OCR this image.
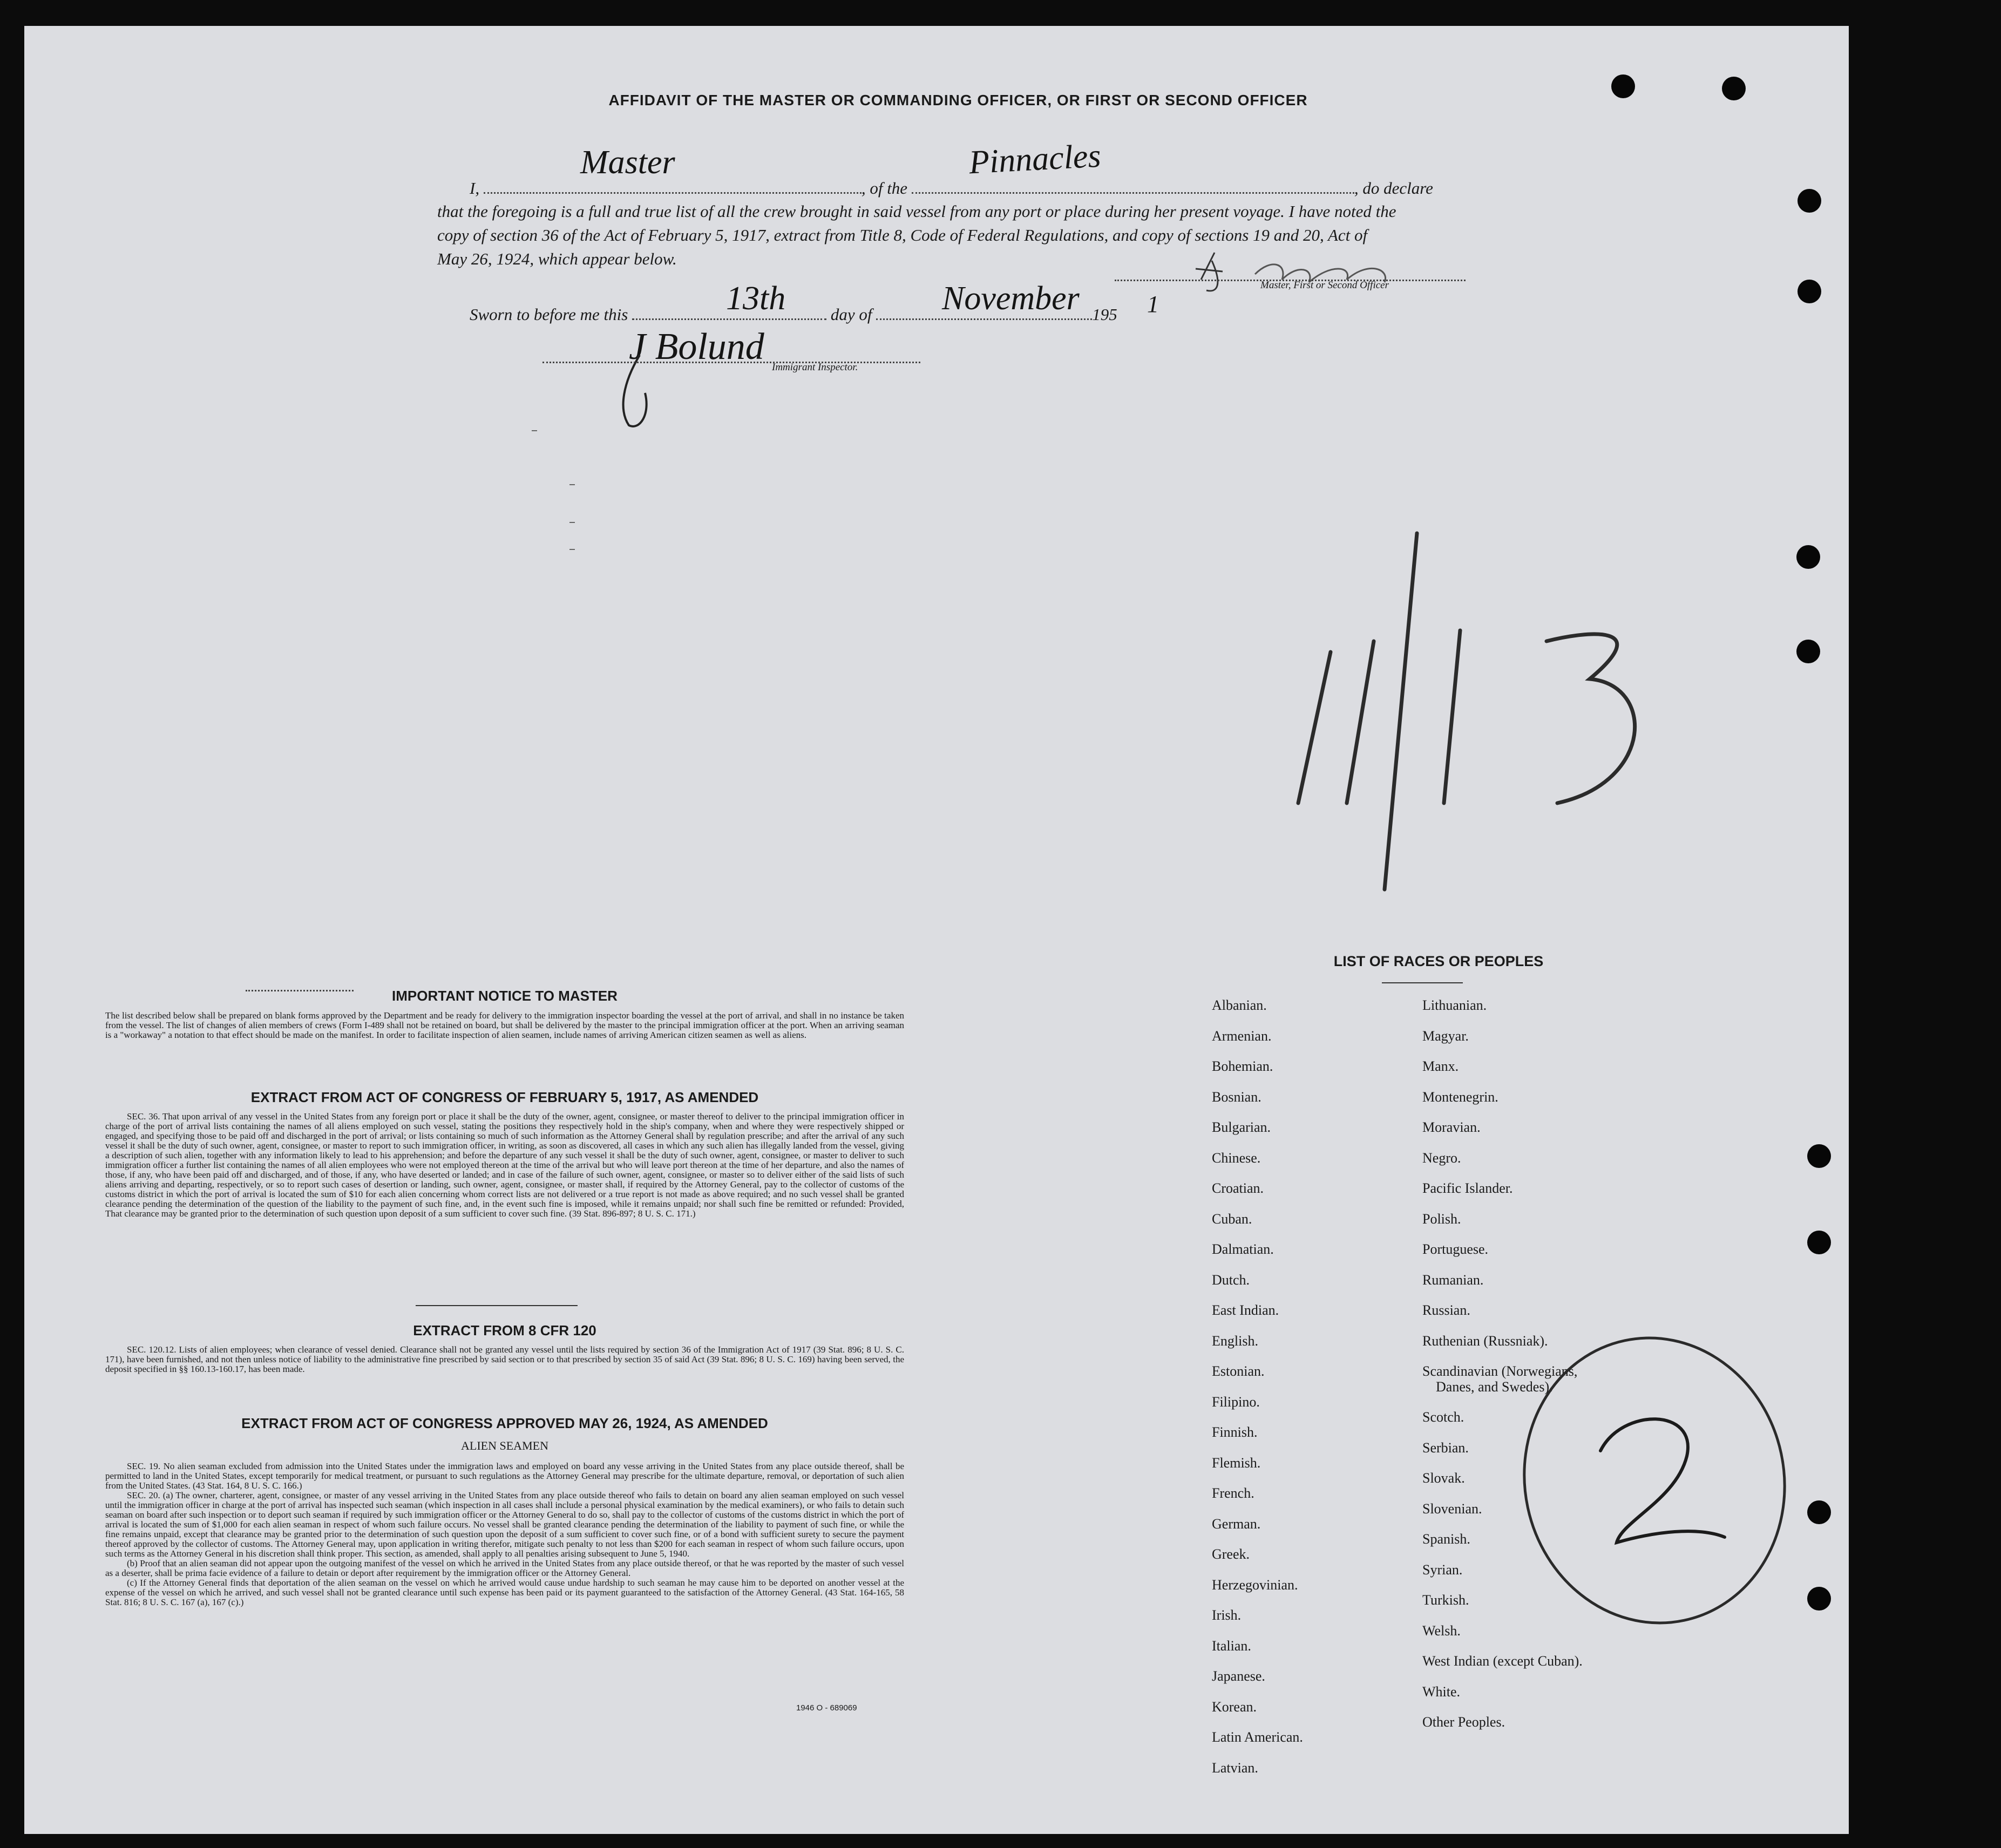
AFFIDAVIT OF THE MASTER OR COMMANDING OFFICER, OR FIRST OR SECOND OFFICER
I,	, of the	, do declare
Master	Pinnacles
that the foregoing is a full and true list of all the crew brought in said vessel from any port or place during her present voyage. I have noted the
copy of section 36 of the Act of February 5, 1917, extract from Title 8, Code of Federal Regulations, and copy of sections 19 and 20, Act of
May 26, 1924, which appear below.
Master, First or Second Officer
Sworn to before me this	day of	195
13th	November	1
J Bolund Immigrant Inspector.
IMPORTANT NOTICE TO MASTER
The list described below shall be prepared on blank forms approved by the Department and be ready for delivery to the immigration inspector boarding the vessel at the port of arrival, and shall in no instance be taken from the vessel. The list of changes of alien members of crews (Form I-489 shall not be retained on board, but shall be delivered by the master to the principal immigration officer at the port. When an arriving seaman is a "workaway" a notation to that effect should be made on the manifest. In order to facilitate inspection of alien seamen, include names of arriving American citizen seamen as well as aliens.
EXTRACT FROM ACT OF CONGRESS OF FEBRUARY 5, 1917, AS AMENDED
SEC. 36. That upon arrival of any vessel in the United States from any foreign port or place it shall be the duty of the owner, agent, consignee, or master thereof to deliver to the principal immigration officer in charge of the port of arrival lists containing the names of all aliens employed on such vessel, stating the positions they respectively hold in the ship's company, when and where they were respectively shipped or engaged, and specifying those to be paid off and discharged in the port of arrival; or lists containing so much of such information as the Attorney General shall by regulation prescribe; and after the arrival of any such vessel it shall be the duty of such owner, agent, consignee, or master to report to such immigration officer, in writing, as soon as discovered, all cases in which any such alien has illegally landed from the vessel, giving a description of such alien, together with any information likely to lead to his apprehension; and before the departure of any such vessel it shall be the duty of such owner, agent, consignee, or master to deliver to such immigration officer a further list containing the names of all alien employees who were not employed thereon at the time of the arrival but who will leave port thereon at the time of her departure, and also the names of those, if any, who have been paid off and discharged, and of those, if any, who have deserted or landed; and in case of the failure of such owner, agent, consignee, or master so to deliver either of the said lists of such aliens arriving and departing, respectively, or so to report such cases of desertion or landing, such owner, agent, consignee, or master shall, if required by the Attorney General, pay to the collector of customs of the customs district in which the port of arrival is located the sum of $10 for each alien concerning whom correct lists are not delivered or a true report is not made as above required; and no such vessel shall be granted clearance pending the determination of the question of the liability to the payment of such fine, and, in the event such fine is imposed, while it remains unpaid; nor shall such fine be remitted or refunded: Provided, That clearance may be granted prior to the determination of such question upon deposit of a sum sufficient to cover such fine. (39 Stat. 896-897; 8 U. S. C. 171.)
EXTRACT FROM 8 CFR 120
SEC. 120.12. Lists of alien employees; when clearance of vessel denied. Clearance shall not be granted any vessel until the lists required by section 36 of the Immigration Act of 1917 (39 Stat. 896; 8 U. S. C. 171), have been furnished, and not then unless notice of liability to the administrative fine prescribed by said section or to that prescribed by section 35 of said Act (39 Stat. 896; 8 U. S. C. 169) having been served, the deposit specified in §§ 160.13-160.17, has been made.
EXTRACT FROM ACT OF CONGRESS APPROVED MAY 26, 1924, AS AMENDED
ALIEN SEAMEN
SEC. 19. No alien seaman excluded from admission into the United States under the immigration laws and employed on board any vesse arriving in the United States from any place outside thereof, shall be permitted to land in the United States, except temporarily for medical treatment, or pursuant to such regulations as the Attorney General may prescribe for the ultimate departure, removal, or deportation of such alien from the United States. (43 Stat. 164, 8 U. S. C. 166.)
SEC. 20. (a) The owner, charterer, agent, consignee, or master of any vessel arriving in the United States from any place outside thereof who fails to detain on board any alien seaman employed on such vessel until the immigration officer in charge at the port of arrival has inspected such seaman (which inspection in all cases shall include a personal physical examination by the medical examiners), or who fails to detain such seaman on board after such inspection or to deport such seaman if required by such immigration officer or the Attorney General to do so, shall pay to the collector of customs of the customs district in which the port of arrival is located the sum of $1,000 for each alien seaman in respect of whom such failure occurs. No vessel shall be granted clearance pending the determination of the liability to payment of such fine, or while the fine remains unpaid, except that clearance may be granted prior to the determination of such question upon the deposit of a sum sufficient to cover such fine, or of a bond with sufficient surety to secure the payment thereof approved by the collector of customs. The Attorney General may, upon application in writing therefor, mitigate such penalty to not less than $200 for each seaman in respect of whom such failure occurs, upon such terms as the Attorney General in his discretion shall think proper. This section, as amended, shall apply to all penalties arising subsequent to June 5, 1940.
(b) Proof that an alien seaman did not appear upon the outgoing manifest of the vessel on which he arrived in the United States from any place outside thereof, or that he was reported by the master of such vessel as a deserter, shall be prima facie evidence of a failure to detain or deport after requirement by the immigration officer or the Attorney General.
(c) If the Attorney General finds that deportation of the alien seaman on the vessel on which he arrived would cause undue hardship to such seaman he may cause him to be deported on another vessel at the expense of the vessel on which he arrived, and such vessel shall not be granted clearance until such expense has been paid or its payment guaranteed to the satisfaction of the Attorney General. (43 Stat. 164-165, 58 Stat. 816; 8 U. S. C. 167 (a), 167 (c).)
1946 O - 689069
LIST OF RACES OR PEOPLES
Albanian.
Armenian.
Bohemian.
Bosnian.
Bulgarian.
Chinese.
Croatian.
Cuban.
Dalmatian.
Dutch.
East Indian.
English.
Estonian.
Filipino.
Finnish.
Flemish.
French.
German.
Greek.
Herzegovinian.
Irish.
Italian.
Japanese.
Korean.
Latin American.
Latvian.
Lithuanian.
Magyar.
Manx.
Montenegrin.
Moravian.
Negro.
Pacific Islander.
Polish.
Portuguese.
Rumanian.
Russian.
Ruthenian (Russniak).
Scandinavian (Norwegians,
Danes, and Swedes).
Scotch.
Serbian.
Slovak.
Slovenian.
Spanish.
Syrian.
Turkish.
Welsh.
West Indian (except Cuban).
White.
Other Peoples.
